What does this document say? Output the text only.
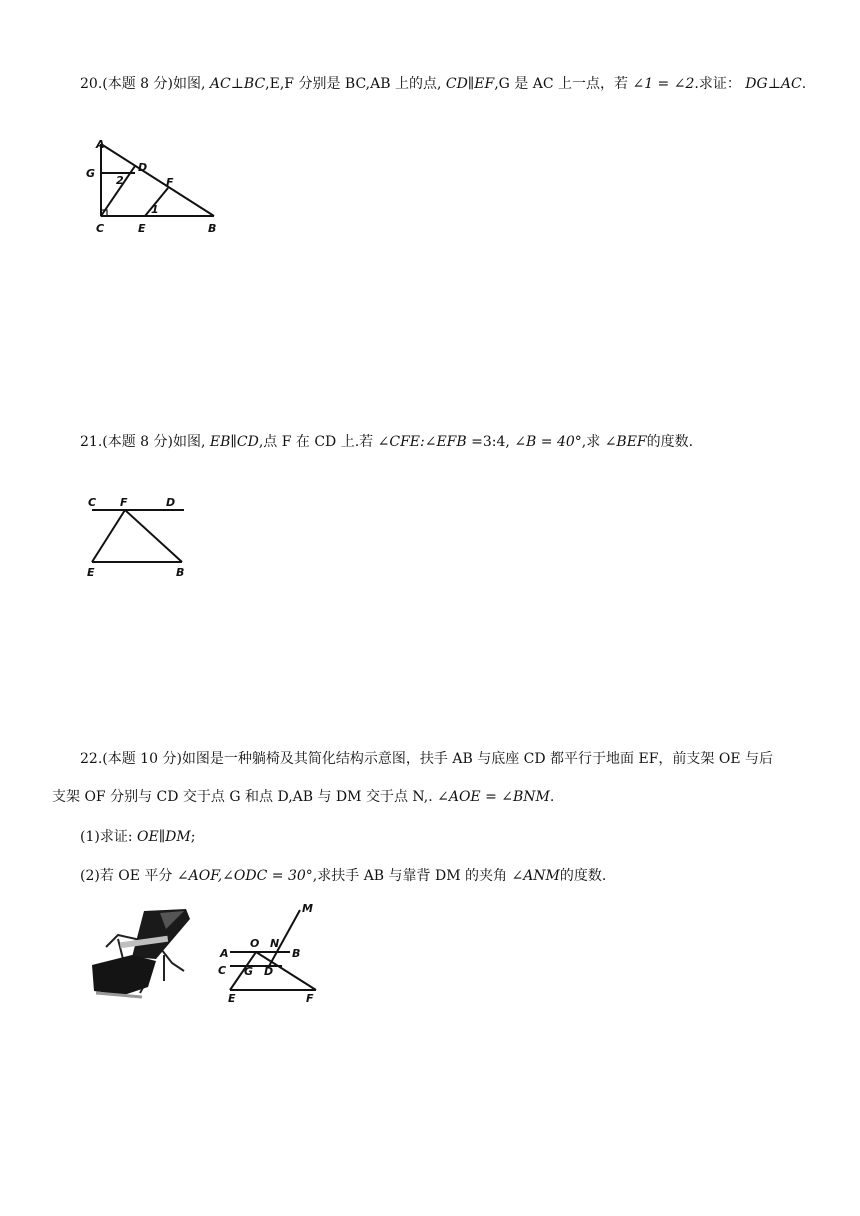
20.(本题 8 分)如图, AC⊥BC,E,F 分别是 BC,AB 上的点, CD∥EF,G 是 AC 上一点，若 ∠1 = ∠2.求证： DG⊥AC.
A
G	D
F
C	E	B
1
2
21.(本题 8 分)如图, EB∥CD,点 F 在 CD 上.若 ∠CFE:∠EFB =3:4, ∠B = 40°,求 ∠BEF的度数.
C F	D
E	B
22.(本题 10 分)如图是一种躺椅及其简化结构示意图，扶手 AB 与底座 CD 都平行于地面 EF，前支架 OE 与后
支架 OF 分别与 CD 交于点 G 和点 D,AB 与 DM 交于点 N,. ∠AOE = ∠BNM.
(1)求证: OE∥DM;
(2)若 OE 平分 ∠AOF,∠ODC = 30°,求扶手 AB 与靠背 DM 的夹角 ∠ANM的度数.
A
O N
B
M
C G D
E	F
